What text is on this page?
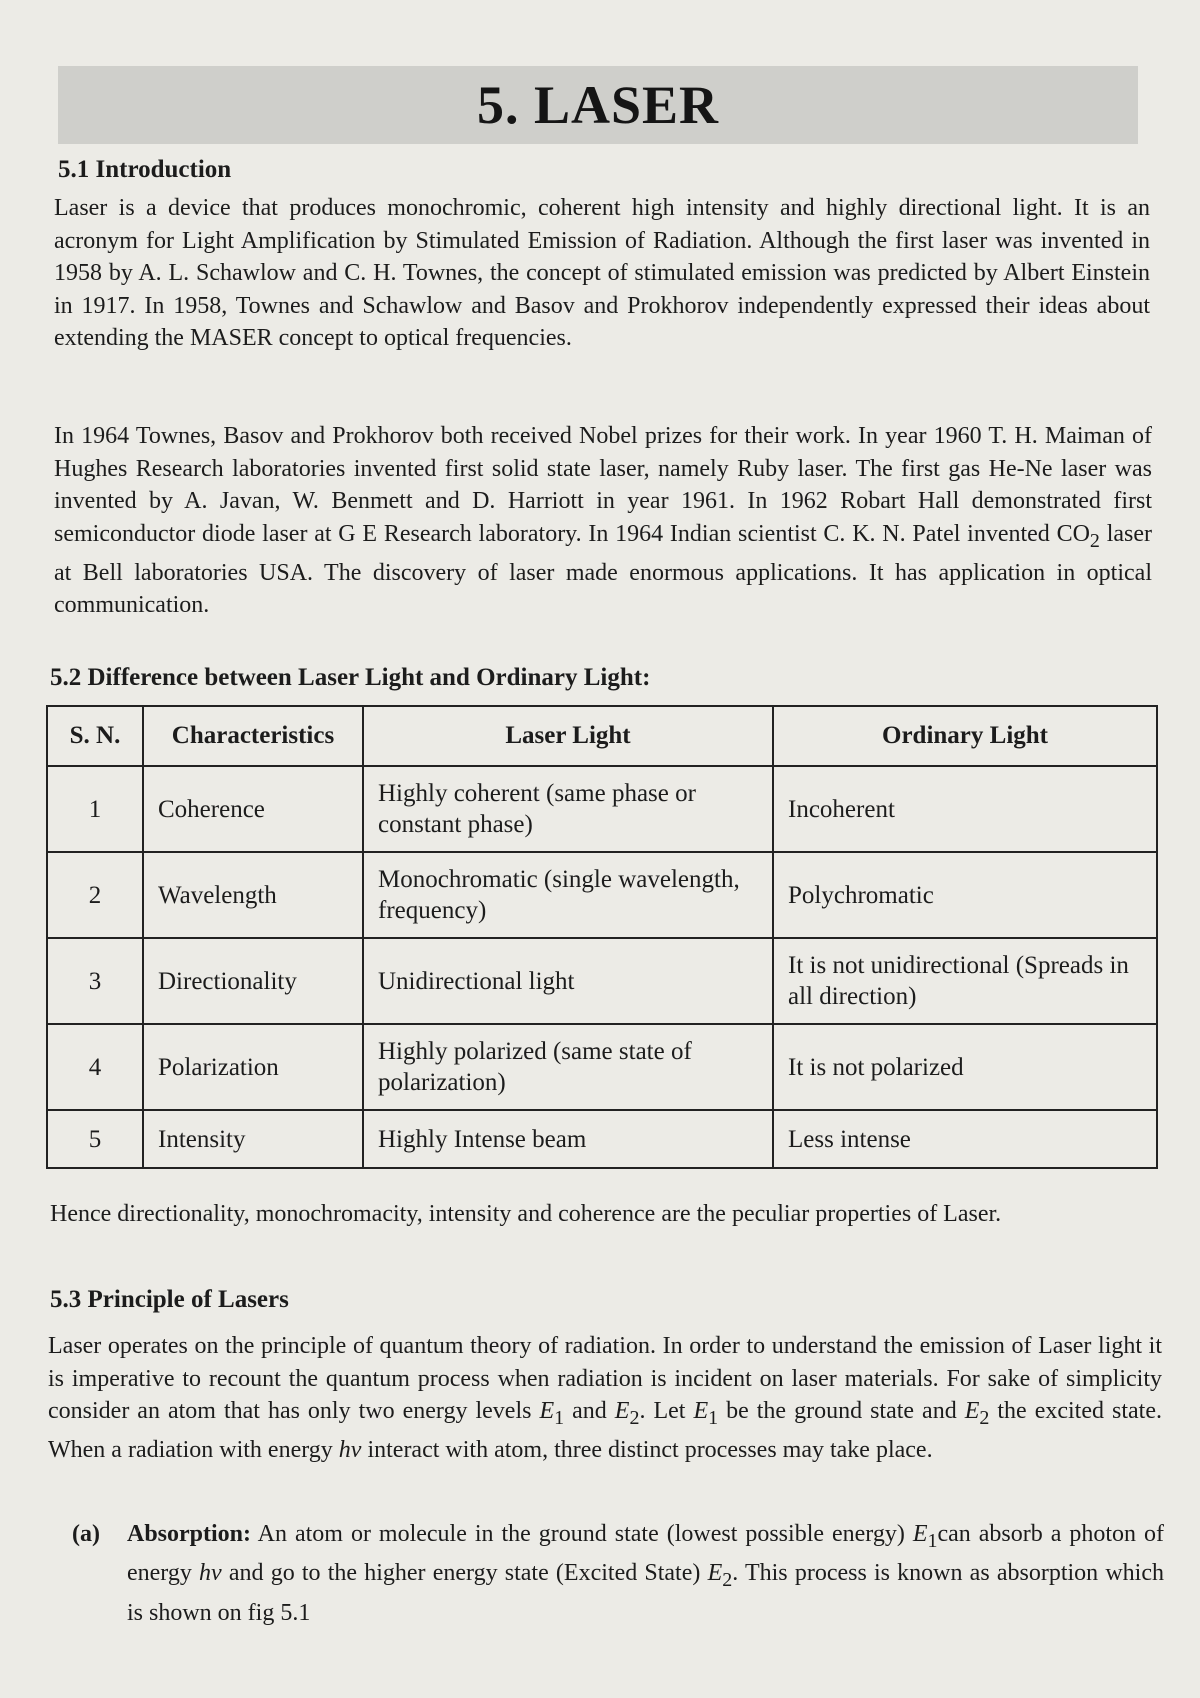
5. LASER
5.1 Introduction

Laser is a device that produces monochromic, coherent high intensity and highly directional light. It is an acronym for Light Amplification by Stimulated Emission of Radiation. Although the first laser was invented in 1958 by A. L. Schawlow and C. H. Townes, the concept of stimulated emission was predicted by Albert Einstein in 1917. In 1958, Townes and Schawlow and Basov and Prokhorov independently expressed their ideas about extending the MASER concept to optical frequencies.

In 1964 Townes, Basov and Prokhorov both received Nobel prizes for their work. In year 1960 T. H. Maiman of Hughes Research laboratories invented first solid state laser, namely Ruby laser. The first gas He-Ne laser was invented by A. Javan, W. Benmett and D. Harriott in year 1961. In 1962 Robart Hall demonstrated first semiconductor diode laser at G E Research laboratory. In 1964 Indian scientist C. K. N. Patel invented $CO_2$ laser at Bell laboratories USA. The discovery of laser made enormous applications. It has application in optical communication.

5.2 Difference between Laser Light and Ordinary Light:
S. N.	Characteristics	Laser Light	Ordinary Light
1	Coherence	Highly coherent (same phase or constant phase)	Incoherent
2	Wavelength	Monochromatic (single wavelength, frequency)	Polychromatic
3	Directionality	Unidirectional light	It is not unidirectional (Spreads in all direction)
4	Polarization	Highly polarized (same state of polarization)	It is not polarized
5	Intensity	Highly Intense beam	Less intense

Hence directionality, monochromacity, intensity and coherence are the peculiar properties of Laser.

5.3 Principle of Lasers

Laser operates on the principle of quantum theory of radiation. In order to understand the emission of Laser light it is imperative to recount the quantum process when radiation is incident on laser materials. For sake of simplicity consider an atom that has only two energy levels $E_1$ and $E_2$. Let $E_1$ be the ground state and $E_2$ the excited state. When a radiation with energy hv interact with atom, three distinct processes may take place.

(a) Absorption: An atom or molecule in the ground state (lowest possible energy) $E_1can$ absorb a photon of energy hv and go to the higher energy state (Excited State) $E_2$. This process is known as absorption which is shown on fig 5.1
